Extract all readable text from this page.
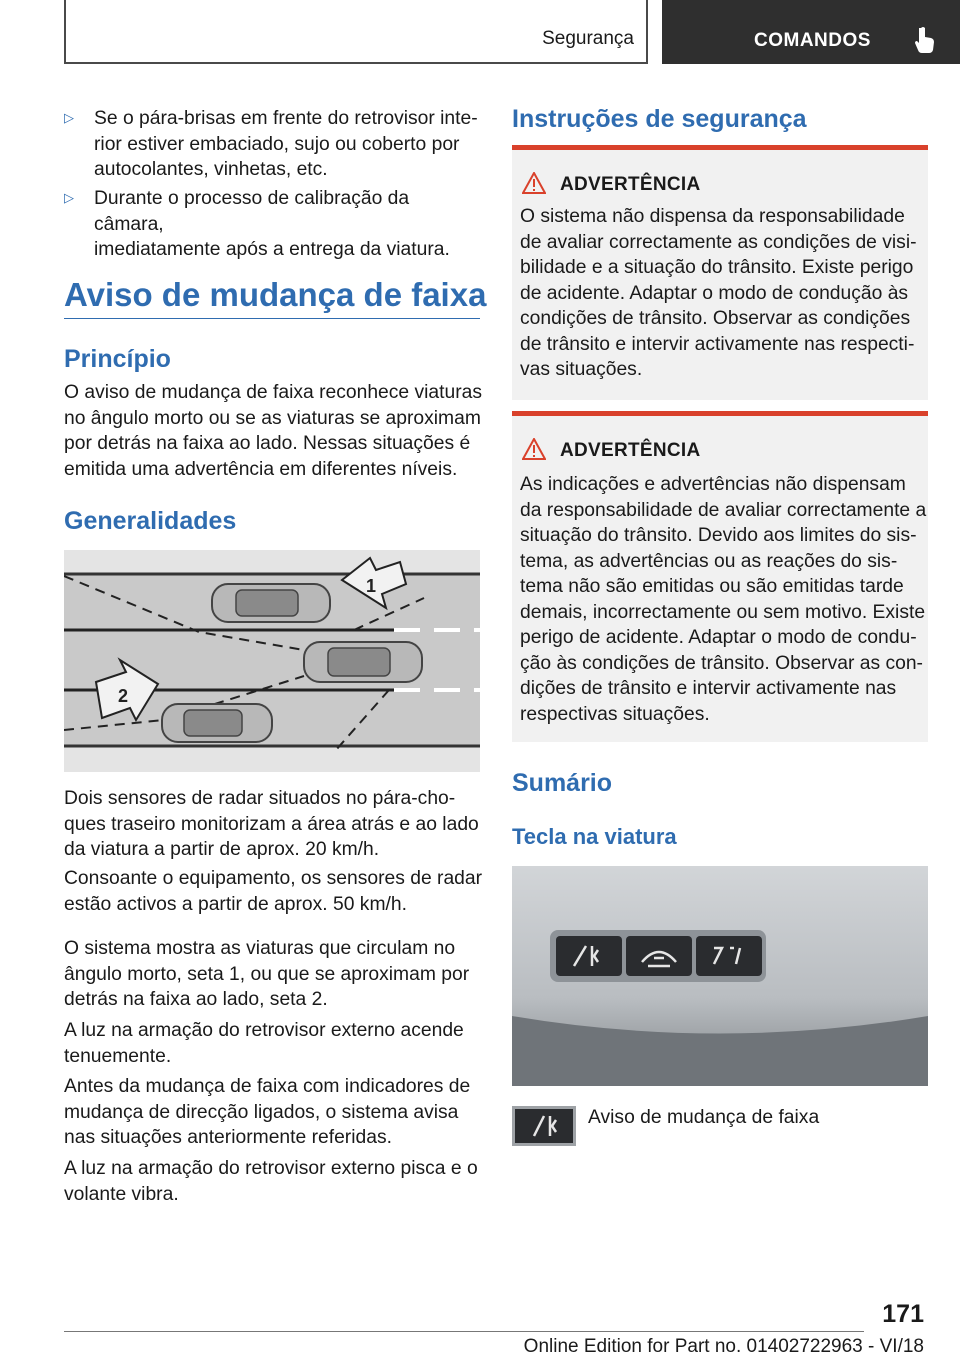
Segurança	COMANDOS
▷ Se o pára-brisas em frente do retrovisor inte-
rior estiver embaciado, sujo ou coberto por
autocolantes, vinhetas, etc.
▷ Durante o processo de calibração da câmara,
imediatamente após a entrega da viatura.
Aviso de mudança de faixa
Princípio
O aviso de mudança de faixa reconhece viaturas
no ângulo morto ou se as viaturas se aproximam
por detrás na faixa ao lado. Nessas situações é
emitida uma advertência em diferentes níveis.
Generalidades
1
2
Dois sensores de radar situados no pára-cho-
ques traseiro monitorizam a área atrás e ao lado
da viatura a partir de aprox. 20 km/h.
Consoante o equipamento, os sensores de radar
estão activos a partir de aprox. 50 km/h.
O sistema mostra as viaturas que circulam no
ângulo morto, seta 1, ou que se aproximam por
detrás na faixa ao lado, seta 2.
A luz na armação do retrovisor externo acende
tenuemente.
Antes da mudança de faixa com indicadores de
mudança de direcção ligados, o sistema avisa
nas situações anteriormente referidas.
A luz na armação do retrovisor externo pisca e o
volante vibra.
Instruções de segurança
ADVERTÊNCIA
O sistema não dispensa da responsabilidade
de avaliar correctamente as condições de visi-
bilidade e a situação do trânsito. Existe perigo
de acidente. Adaptar o modo de condução às
condições de trânsito. Observar as condições
de trânsito e intervir activamente nas respecti-
vas situações.
ADVERTÊNCIA
As indicações e advertências não dispensam
da responsabilidade de avaliar correctamente a
situação do trânsito. Devido aos limites do sis-
tema, as advertências ou as reações do sis-
tema não são emitidas ou são emitidas tarde
demais, incorrectamente ou sem motivo. Existe
perigo de acidente. Adaptar o modo de condu-
ção às condições de trânsito. Observar as con-
dições de trânsito e intervir activamente nas
respectivas situações.
Sumário
Tecla na viatura
Aviso de mudança de faixa
171
Online Edition for Part no. 01402722963 - VI/18
